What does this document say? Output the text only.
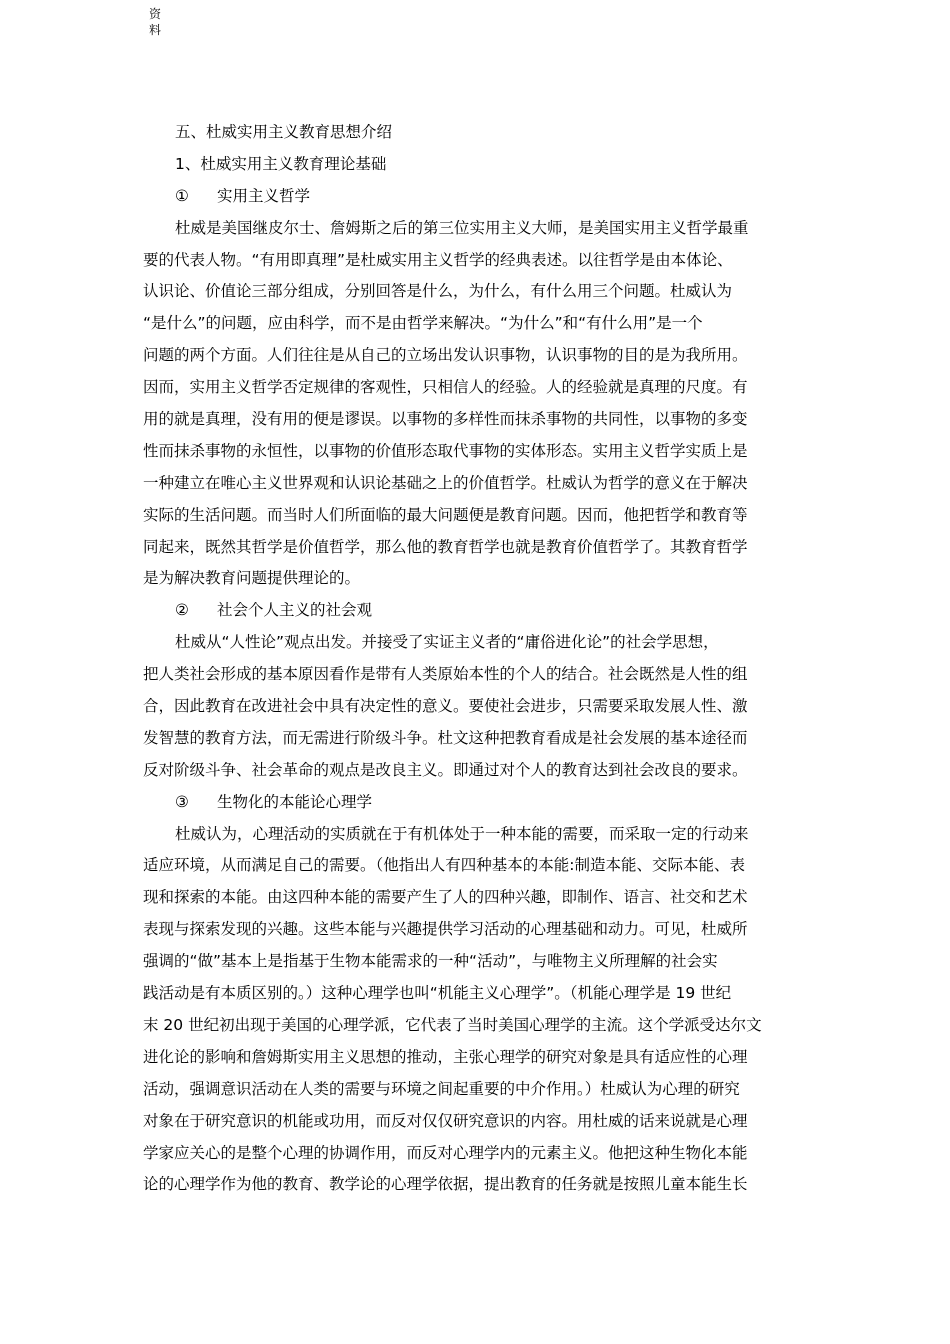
资
料
五、杜威实用主义教育思想介绍
1、杜威实用主义教育理论基础
① 实用主义哲学
杜威是美国继皮尔士、詹姆斯之后的第三位实用主义大师，是美国实用主义哲学最重
要的代表人物。“有用即真理”是杜威实用主义哲学的经典表述。以往哲学是由本体论、
认识论、价值论三部分组成，分别回答是什么，为什么，有什么用三个问题。杜威认为
“是什么”的问题，应由科学，而不是由哲学来解决。“为什么”和“有什么用”是一个
问题的两个方面。人们往往是从自己的立场出发认识事物，认识事物的目的是为我所用。
因而，实用主义哲学否定规律的客观性，只相信人的经验。人的经验就是真理的尺度。有
用的就是真理，没有用的便是谬误。以事物的多样性而抹杀事物的共同性，以事物的多变
性而抹杀事物的永恒性，以事物的价值形态取代事物的实体形态。实用主义哲学实质上是
一种建立在唯心主义世界观和认识论基础之上的价值哲学。杜威认为哲学的意义在于解决
实际的生活问题。而当时人们所面临的最大问题便是教育问题。因而，他把哲学和教育等
同起来，既然其哲学是价值哲学，那么他的教育哲学也就是教育价值哲学了。其教育哲学
是为解决教育问题提供理论的。
② 社会个人主义的社会观
杜威从“人性论”观点出发。并接受了实证主义者的“庸俗进化论”的社会学思想，
把人类社会形成的基本原因看作是带有人类原始本性的个人的结合。社会既然是人性的组
合，因此教育在改进社会中具有决定性的意义。要使社会进步，只需要采取发展人性、激
发智慧的教育方法，而无需进行阶级斗争。杜文这种把教育看成是社会发展的基本途径而
反对阶级斗争、社会革命的观点是改良主义。即通过对个人的教育达到社会改良的要求。
③ 生物化的本能论心理学
杜威认为，心理活动的实质就在于有机体处于一种本能的需要，而采取一定的行动来
适应环境，从而满足自己的需要。（他指出人有四种基本的本能:制造本能、交际本能、表
现和探索的本能。由这四种本能的需要产生了人的四种兴趣，即制作、语言、社交和艺术
表现与探索发现的兴趣。这些本能与兴趣提供学习活动的心理基础和动力。可见，杜威所
强调的“做”基本上是指基于生物本能需求的一种“活动”，与唯物主义所理解的社会实
践活动是有本质区别的。）这种心理学也叫“机能主义心理学”。（机能心理学是 19 世纪
末 20 世纪初出现于美国的心理学派，它代表了当时美国心理学的主流。这个学派受达尔文
进化论的影响和詹姆斯实用主义思想的推动，主张心理学的研究对象是具有适应性的心理
活动，强调意识活动在人类的需要与环境之间起重要的中介作用。）杜威认为心理的研究
对象在于研究意识的机能或功用，而反对仅仅研究意识的内容。用杜威的话来说就是心理
学家应关心的是整个心理的协调作用，而反对心理学内的元素主义。他把这种生物化本能
论的心理学作为他的教育、教学论的心理学依据，提出教育的任务就是按照儿童本能生长
